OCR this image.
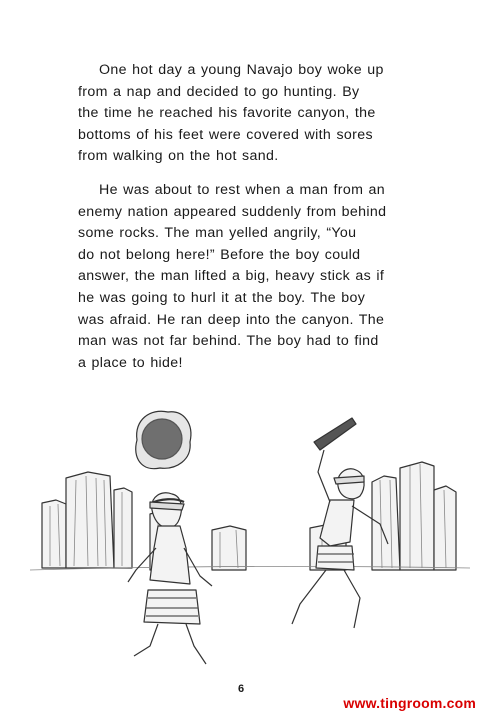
One hot day a young Navajo boy woke up
from a nap and decided to go hunting. By
the time he reached his favorite canyon, the
bottoms of his feet were covered with sores
from walking on the hot sand.

He was about to rest when a man from an
enemy nation appeared suddenly from behind
some rocks. The man yelled angrily, “You
do not belong here!” Before the boy could
answer, the man lifted a big, heavy stick as if
he was going to hurl it at the boy. The boy
was afraid. He ran deep into the canyon. The
man was not far behind. The boy had to find
a place to hide!

6
www.tingroom.com
